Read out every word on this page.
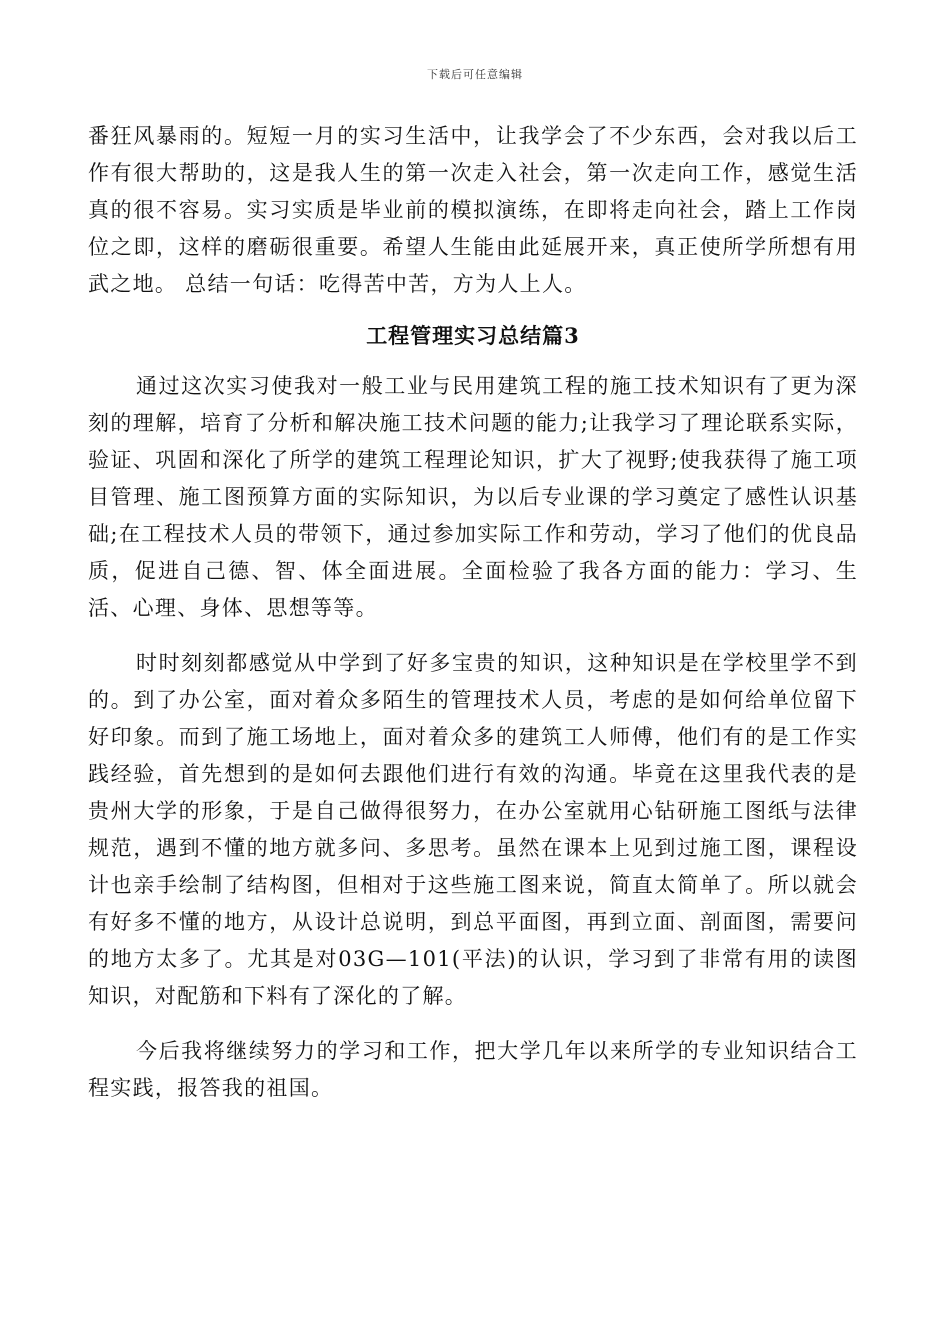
下载后可任意编辑

番狂风暴雨的。短短一月的实习生活中，让我学会了不少东西，会对我以后工作有很大帮助的，这是我人生的第一次走入社会，第一次走向工作，感觉生活真的很不容易。实习实质是毕业前的模拟演练，在即将走向社会，踏上工作岗位之即，这样的磨砺很重要。希望人生能由此延展开来，真正使所学所想有用武之地。 总结一句话：吃得苦中苦，方为人上人。

工程管理实习总结篇3

通过这次实习使我对一般工业与民用建筑工程的施工技术知识有了更为深刻的理解，培育了分析和解决施工技术问题的能力;让我学习了理论联系实际，验证、巩固和深化了所学的建筑工程理论知识，扩大了视野;使我获得了施工项目管理、施工图预算方面的实际知识，为以后专业课的学习奠定了感性认识基础;在工程技术人员的带领下，通过参加实际工作和劳动，学习了他们的优良品质，促进自己德、智、体全面进展。全面检验了我各方面的能力：学习、生活、心理、身体、思想等等。

时时刻刻都感觉从中学到了好多宝贵的知识，这种知识是在学校里学不到的。到了办公室，面对着众多陌生的管理技术人员，考虑的是如何给单位留下好印象。而到了施工场地上，面对着众多的建筑工人师傅，他们有的是工作实践经验，首先想到的是如何去跟他们进行有效的沟通。毕竟在这里我代表的是贵州大学的形象，于是自己做得很努力，在办公室就用心钻研施工图纸与法律规范，遇到不懂的地方就多问、多思考。虽然在课本上见到过施工图，课程设计也亲手绘制了结构图，但相对于这些施工图来说，简直太简单了。所以就会有好多不懂的地方，从设计总说明，到总平面图，再到立面、剖面图，需要问的地方太多了。尤其是对03G—101(平法)的认识，学习到了非常有用的读图知识，对配筋和下料有了深化的了解。

今后我将继续努力的学习和工作，把大学几年以来所学的专业知识结合工程实践，报答我的祖国。
